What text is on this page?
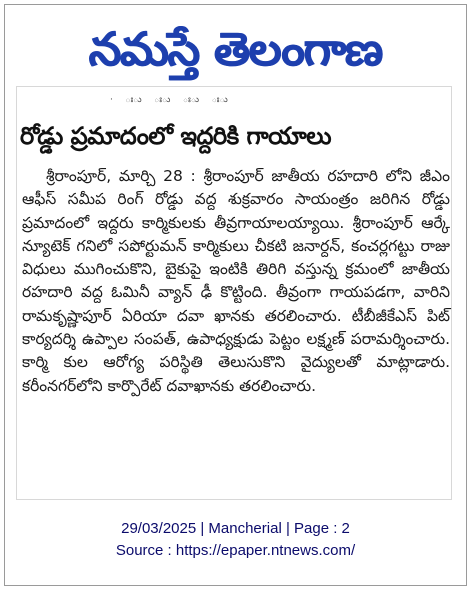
నమస్తే తెలంగాణ
· ఃు ఃు ఃు ఃు
రోడ్డు ప్రమాదంలో ఇద్దరికి గాయాలు

శ్రీరాంపూర్, మార్చి 28 : శ్రీరాంపూర్ జాతీయ రహదారి లోని జీఎం ఆఫీస్ సమీప రింగ్ రోడ్డు వద్ద శుక్రవారం సాయంత్రం జరిగిన రోడ్డు ప్రమాదంలో ఇద్దరు కార్మికులకు తీవ్రగాయాలయ్యాయి. శ్రీరాంపూర్ ఆర్కే న్యూటెక్ గనిలో సపోర్టుమన్ కార్మికులు చీకటి జనార్దన్, కంచర్లగట్టు రాజు విధులు ముగించుకొని, బైకుపై ఇంటికి తిరిగి వస్తున్న క్రమంలో జాతీయ రహదారి వద్ద ఓమినీ వ్యాన్ ఢీ కొట్టింది. తీవ్రంగా గాయపడగా, వారిని రామకృష్ణాపూర్ ఏరియా దవా ఖానకు తరలించారు. టీబీజీకేఎస్ పిట్ కార్యదర్శి ఉప్పాల సంపత్, ఉపాధ్యక్షుడు పెట్టం లక్ష్మణ్ పరామర్శించారు. కార్మి కుల ఆరోగ్య పరిస్థితి తెలుసుకొని వైద్యులతో మాట్లాడారు. కరీంనగర్‌లోని కార్పొరేట్ దవాఖానకు తరలించారు.

29/03/2025 | Mancherial | Page : 2
Source : https://epaper.ntnews.com/
